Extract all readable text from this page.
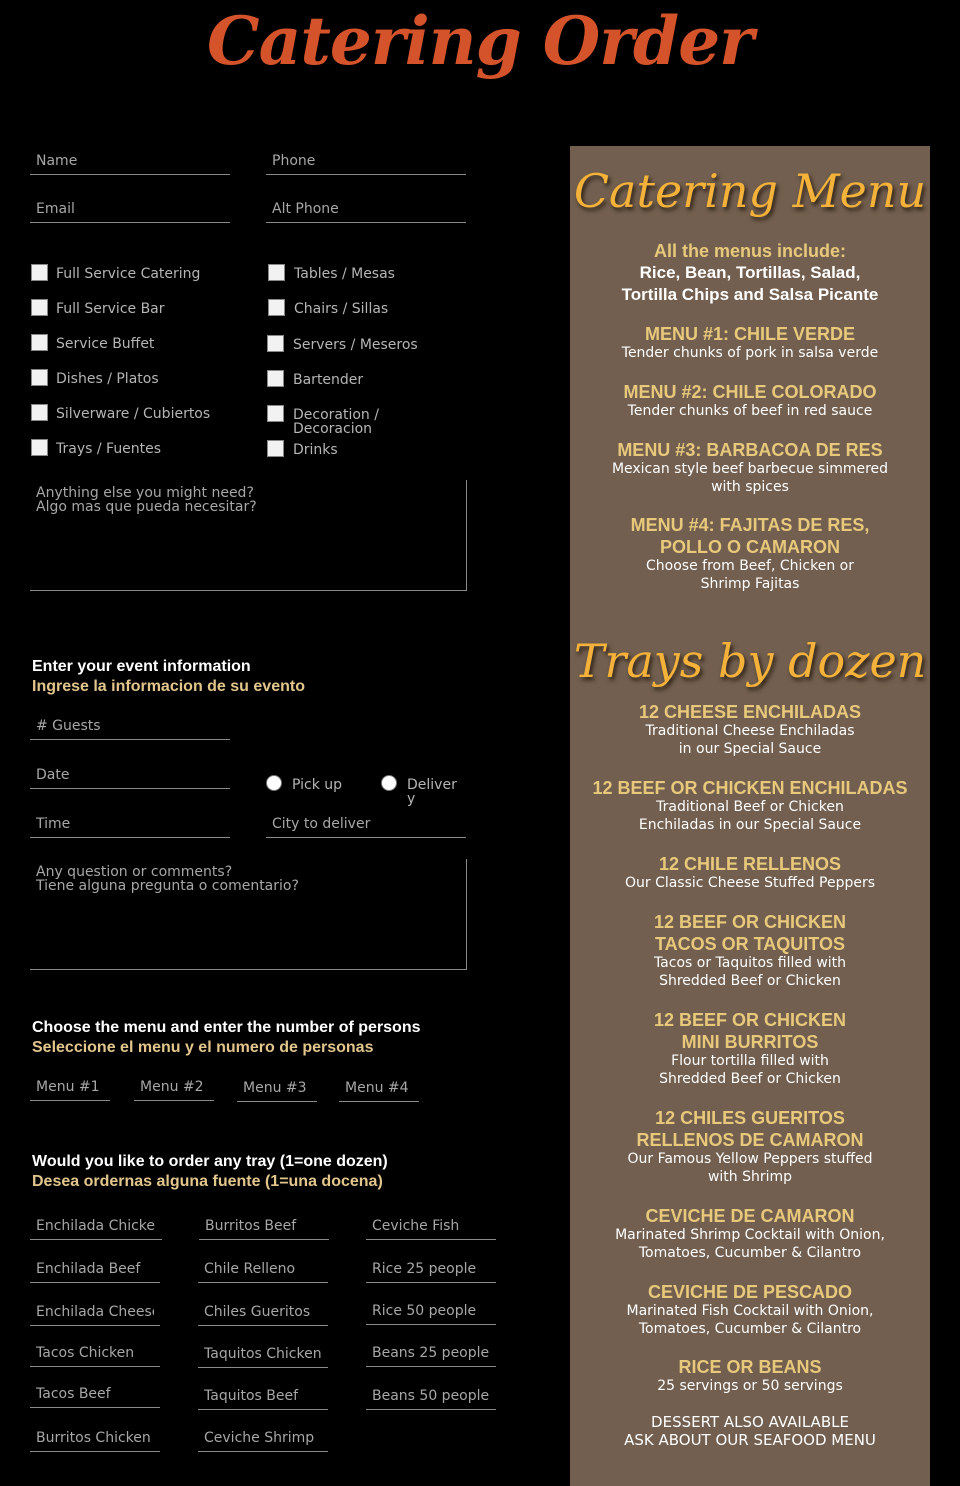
Catering Order
Name
Phone
Email
Alt Phone
Full Service Catering
Full Service Bar
Service Buffet
Dishes / Platos
Silverware / Cubiertos
Trays / Fuentes
Tables / Mesas
Chairs / Sillas
Servers / Meseros
Bartender
Decoration /
Decoracion
Drinks
Anything else you might need? Algo mas que pueda necesitar?
Enter your event information
Ingrese la informacion de su evento
# Guests
Date
Time
City to deliver
Pick up	Deliver
y
Any question or comments? Tiene alguna pregunta o comentario?
Choose the menu and enter the number of persons
Seleccione el menu y el numero de personas
Menu #1
Menu #2
Menu #3
Menu #4
Would you like to order any tray (1=one dozen)
Desea ordernas alguna fuente (1=una docena)
Enchilada Chicken
Enchilada Beef
Enchilada Cheese
Tacos Chicken
Tacos Beef
Burritos Chicken
Burritos Beef
Chile Relleno
Chiles Gueritos
Taquitos Chicken
Taquitos Beef
Ceviche Shrimp
Ceviche Fish
Rice 25 people
Rice 50 people
Beans 25 people
Beans 50 people
Catering Menu
All the menus include:
Rice, Bean, Tortillas, Salad,
Tortilla Chips and Salsa Picante
MENU #1: CHILE VERDE
Tender chunks of pork in salsa verde
MENU #2: CHILE COLORADO
Tender chunks of beef in red sauce
MENU #3: BARBACOA DE RES
Mexican style beef barbecue simmered
with spices
MENU #4: FAJITAS DE RES,
POLLO O CAMARON
Choose from Beef, Chicken or
Shrimp Fajitas
Trays by dozen
12 CHEESE ENCHILADAS
Traditional Cheese Enchiladas
in our Special Sauce
12 BEEF OR CHICKEN ENCHILADAS
Traditional Beef or Chicken
Enchiladas in our Special Sauce
12 CHILE RELLENOS
Our Classic Cheese Stuffed Peppers
12 BEEF OR CHICKEN
TACOS OR TAQUITOS
Tacos or Taquitos filled with
Shredded Beef or Chicken
12 BEEF OR CHICKEN
MINI BURRITOS
Flour tortilla filled with
Shredded Beef or Chicken
12 CHILES GUERITOS
RELLENOS DE CAMARON
Our Famous Yellow Peppers stuffed
with Shrimp
CEVICHE DE CAMARON
Marinated Shrimp Cocktail with Onion,
Tomatoes, Cucumber & Cilantro
CEVICHE DE PESCADO
Marinated Fish Cocktail with Onion,
Tomatoes, Cucumber & Cilantro
RICE OR BEANS
25 servings or 50 servings
DESSERT ALSO AVAILABLE
ASK ABOUT OUR SEAFOOD MENU
